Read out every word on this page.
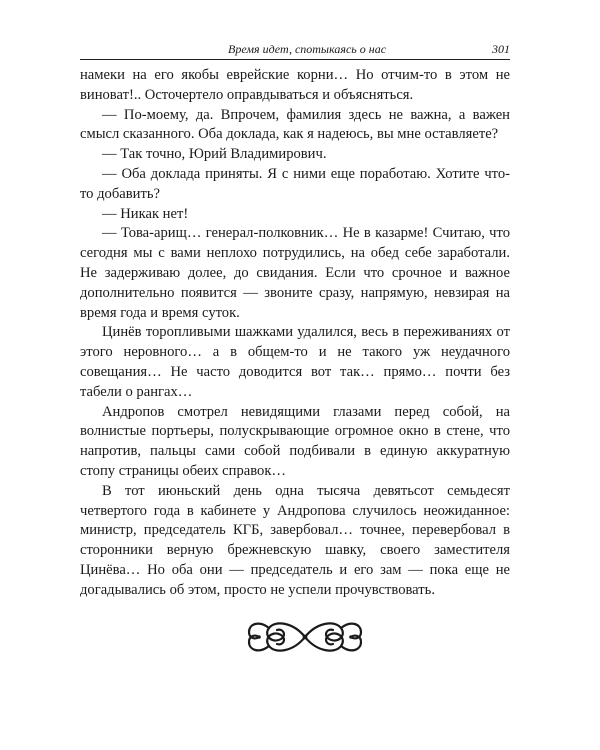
Время идет, спотыкаясь о нас	301

намеки на его якобы еврейские корни… Но отчим-то в этом не виноват!.. Осточертело оправдываться и объясняться.

— По-моему, да. Впрочем, фамилия здесь не важна, а важен смысл сказанного. Оба доклада, как я надеюсь, вы мне оставляете?

— Так точно, Юрий Владимирович.

— Оба доклада приняты. Я с ними еще поработаю. Хотите что-то добавить?

— Никак нет!

— Това-арищ… генерал-полковник… Не в казарме! Считаю, что сегодня мы с вами неплохо потрудились, на обед себе заработали. Не задерживаю долее, до свидания. Если что срочное и важное дополнительно появится — звоните сразу, напрямую, невзирая на время года и время суток.

Цинёв торопливыми шажками удалился, весь в переживаниях от этого неровного… а в общем-то и не такого уж неудачного совещания… Не часто доводится вот так… прямо… почти без табели о рангах…

Андропов смотрел невидящими глазами перед собой, на волнистые портьеры, полускрывающие огромное окно в стене, что напротив, пальцы сами собой подбивали в единую аккуратную стопу страницы обеих справок…

В тот июньский день одна тысяча девятьсот семьдесят четвертого года в кабинете у Андропова случилось неожиданное: министр, председатель КГБ, завербовал… точнее, перевербовал в сторонники верную брежневскую шавку, своего заместителя Цинёва… Но оба они — председатель и его зам — пока еще не догадывались об этом, просто не успели прочувствовать.
